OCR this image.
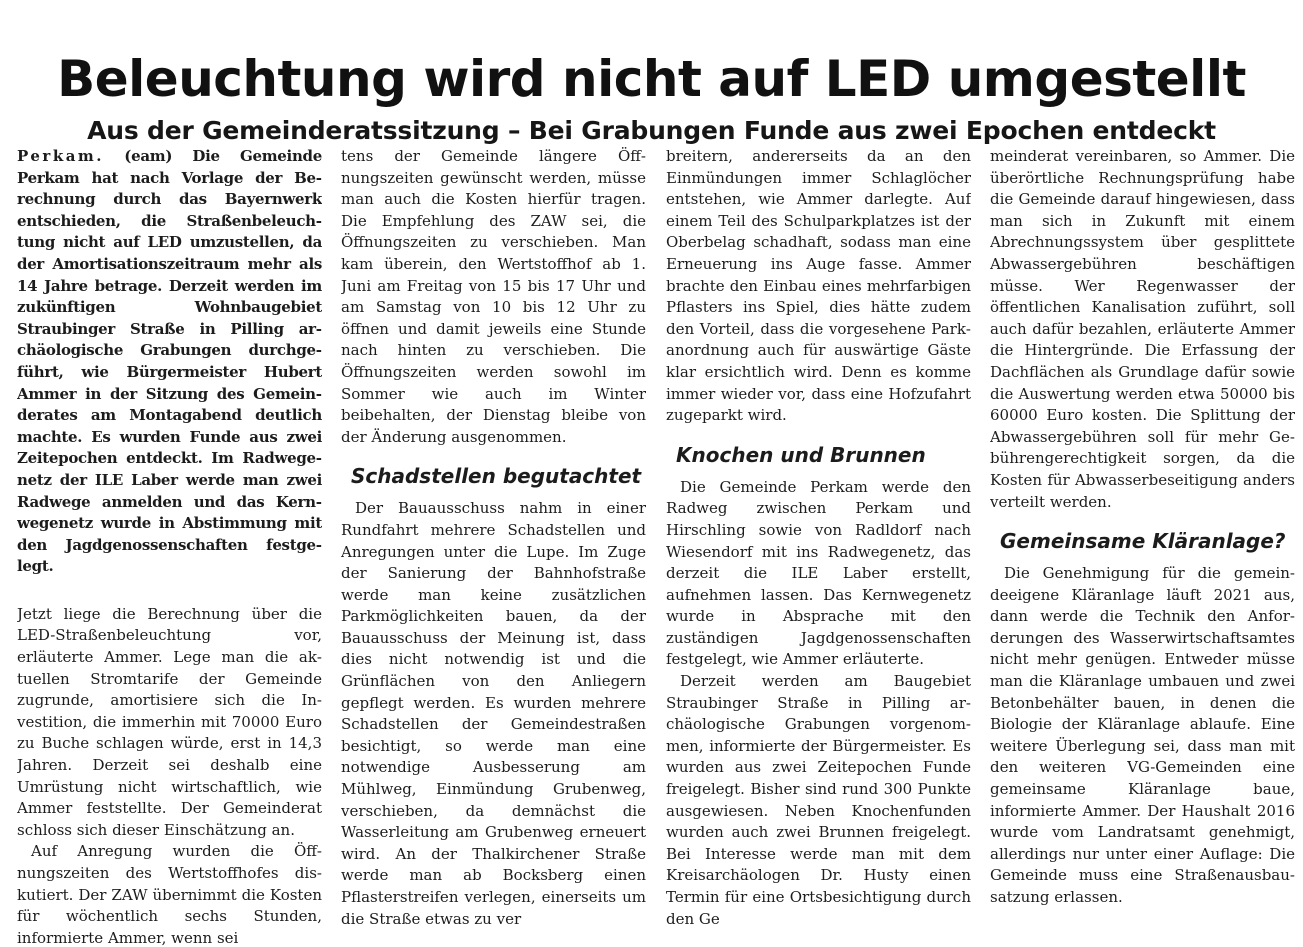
Beleuchtung wird nicht auf LED umgestellt
Aus der Gemeinderatssitzung – Bei Grabungen Funde aus zwei Epochen entdeckt

Perkam. (eam) Die Gemeinde Perkam hat nach Vorlage der Berechnung durch das Bayernwerk entschieden, die Straßenbeleuchtung nicht auf LED umzustellen, da der Amortisationszeitraum mehr als 14 Jahre betrage. Derzeit werden im zukünftigen Wohnbaugebiet Straubinger Straße in Pilling archäologische Grabungen durchgeführt, wie Bürgermeister Hubert Ammer in der Sitzung des Gemeinderates am Montagabend deutlich machte. Es wurden Funde aus zwei Zeitepochen entdeckt. Im Radwegenetz der ILE Laber werde man zwei Radwege anmelden und das Kernwegenetz wurde in Abstimmung mit den Jagdgenossenschaften festgelegt.

Jetzt liege die Berechnung über die LED-Straßenbeleuchtung vor, erläuterte Ammer. Lege man die aktuellen Stromtarife der Gemeinde zugrunde, amortisiere sich die Investition, die immerhin mit 70000 Euro zu Buche schlagen würde, erst in 14,3 Jahren. Derzeit sei deshalb eine Umrüstung nicht wirtschaftlich, wie Ammer feststellte. Der Gemeinderat schloss sich dieser Einschätzung an.

Auf Anregung wurden die Öffnungszeiten des Wertstoffhofes diskutiert. Der ZAW übernimmt die Kosten für wöchentlich sechs Stunden, informierte Ammer, wenn sei

tens der Gemeinde längere Öffnungszeiten gewünscht werden, müsse man auch die Kosten hierfür tragen. Die Empfehlung des ZAW sei, die Öffnungszeiten zu verschieben. Man kam überein, den Wertstoffhof ab 1. Juni am Freitag von 15 bis 17 Uhr und am Samstag von 10 bis 12 Uhr zu öffnen und damit jeweils eine Stunde nach hinten zu verschieben. Die Öffnungszeiten werden sowohl im Sommer wie auch im Winter beibehalten, der Dienstag bleibe von der Änderung ausgenommen.

Schadstellen begutachtet

Der Bauausschuss nahm in einer Rundfahrt mehrere Schadstellen und Anregungen unter die Lupe. Im Zuge der Sanierung der Bahnhofstraße werde man keine zusätzlichen Parkmöglichkeiten bauen, da der Bauausschuss der Meinung ist, dass dies nicht notwendig ist und die Grünflächen von den Anliegern gepflegt werden. Es wurden mehrere Schadstellen der Gemeindestraßen besichtigt, so werde man eine notwendige Ausbesserung am Mühlweg, Einmündung Grubenweg, verschieben, da demnächst die Wasserleitung am Grubenweg erneuert wird. An der Thalkirchener Straße werde man ab Bocksberg einen Pflasterstreifen verlegen, einerseits um die Straße etwas zu ver

breitern, andererseits da an den Einmündungen immer Schlaglöcher entstehen, wie Ammer darlegte. Auf einem Teil des Schulparkplatzes ist der Oberbelag schadhaft, sodass man eine Erneuerung ins Auge fasse. Ammer brachte den Einbau eines mehrfarbigen Pflasters ins Spiel, dies hätte zudem den Vorteil, dass die vorgesehene Parkanordnung auch für auswärtige Gäste klar ersichtlich wird. Denn es komme immer wieder vor, dass eine Hofzufahrt zugeparkt wird.

Knochen und Brunnen

Die Gemeinde Perkam werde den Radweg zwischen Perkam und Hirschling sowie von Radldorf nach Wiesendorf mit ins Radwegenetz, das derzeit die ILE Laber erstellt, aufnehmen lassen. Das Kernwegenetz wurde in Absprache mit den zuständigen Jagdgenossenschaften festgelegt, wie Ammer erläuterte.

Derzeit werden am Baugebiet Straubinger Straße in Pilling archäologische Grabungen vorgenommen, informierte der Bürgermeister. Es wurden aus zwei Zeitepochen Funde freigelegt. Bisher sind rund 300 Punkte ausgewiesen. Neben Knochenfunden wurden auch zwei Brunnen freigelegt. Bei Interesse werde man mit dem Kreisarchäologen Dr. Husty einen Termin für eine Ortsbesichtigung durch den Ge

meinderat vereinbaren, so Ammer. Die überörtliche Rechnungsprüfung habe die Gemeinde darauf hingewiesen, dass man sich in Zukunft mit einem Abrechnungssystem über gesplittete Abwassergebühren beschäftigen müsse. Wer Regenwasser der öffentlichen Kanalisation zuführt, soll auch dafür bezahlen, erläuterte Ammer die Hintergründe. Die Erfassung der Dachflächen als Grundlage dafür sowie die Auswertung werden etwa 50000 bis 60000 Euro kosten. Die Splittung der Abwassergebühren soll für mehr Gebührengerechtigkeit sorgen, da die Kosten für Abwasserbeseitigung anders verteilt werden.

Gemeinsame Kläranlage?

Die Genehmigung für die gemeindeeigene Kläranlage läuft 2021 aus, dann werde die Technik den Anforderungen des Wasserwirtschaftsamtes nicht mehr genügen. Entweder müsse man die Kläranlage umbauen und zwei Betonbehälter bauen, in denen die Biologie der Kläranlage ablaufe. Eine weitere Überlegung sei, dass man mit den weiteren VG-Gemeinden eine gemeinsame Kläranlage baue, informierte Ammer. Der Haushalt 2016 wurde vom Landratsamt genehmigt, allerdings nur unter einer Auflage: Die Gemeinde muss eine Straßenausbausatzung erlassen.
